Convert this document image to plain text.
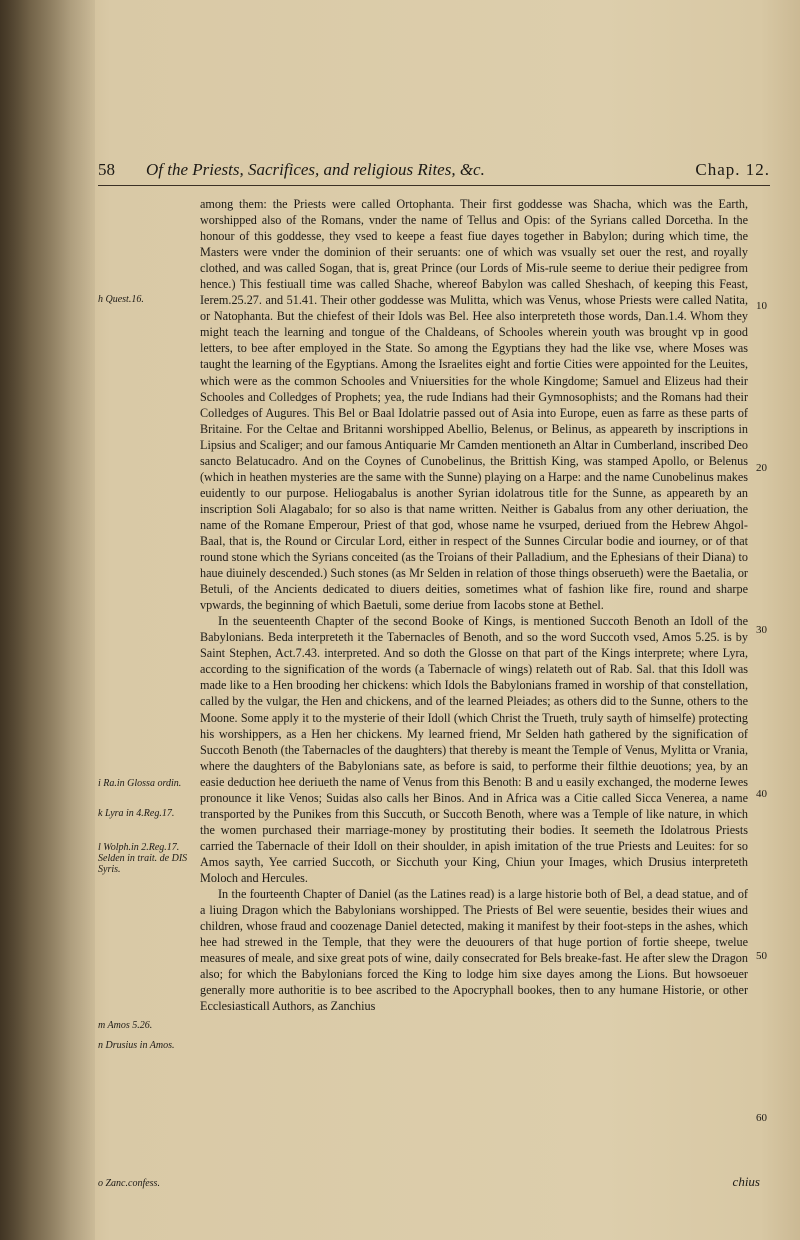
58 Of the Priests, Sacrifices, and religious Rites, &c.	Chap. 12.

among them: the Priests were called Ortophanta. Their first goddesse was Shacha, which was the Earth, worshipped also of the Romans, vnder the name of Tellus and Opis: of the Syrians called Dorcetha. In the honour of this goddesse, they vsed to keepe a feast fiue dayes together in Babylon; during which time, the Masters were vnder the dominion of their seruants: one of which was vsually set ouer the rest, and royally clothed, and was called Sogan, that is, great Prince (our Lords of Mis-rule seeme to deriue their pedigree from hence.) This festiuall time was called Shache, whereof Babylon was called Sheshach, of keeping this Feast, Ierem.25.27. and 51.41. Their other goddesse was Mulitta, which was Venus, whose Priests were called Natita, or Natophanta. But the chiefest of their Idols was Bel. Hee also interpreteth those words, Dan.1.4. Whom they might teach the learning and tongue of the Chaldeans, of Schooles wherein youth was brought vp in good letters, to bee after employed in the State. So among the Egyptians they had the like vse, where Moses was taught the learning of the Egyptians. Among the Israelites eight and fortie Cities were appointed for the Leuites, which were as the common Schooles and Vniuersities for the whole Kingdome; Samuel and Elizeus had their Schooles and Colledges of Prophets; yea, the rude Indians had their Gymnosophists; and the Romans had their Colledges of Augures. This Bel or Baal Idolatrie passed out of Asia into Europe, euen as farre as these parts of Britaine. For the Celtae and Britanni worshipped Abellio, Belenus, or Belinus, as appeareth by inscriptions in Lipsius and Scaliger; and our famous Antiquarie Mr Camden mentioneth an Altar in Cumberland, inscribed Deo sancto Belatucadro. And on the Coynes of Cunobelinus, the Brittish King, was stamped Apollo, or Belenus (which in heathen mysteries are the same with the Sunne) playing on a Harpe: and the name Cunobelinus makes euidently to our purpose. Heliogabalus is another Syrian idolatrous title for the Sunne, as appeareth by an inscription Soli Alagabalo; for so also is that name written. Neither is Gabalus from any other deriuation, the name of the Romane Emperour, Priest of that god, whose name he vsurped, deriued from the Hebrew Ahgol-Baal, that is, the Round or Circular Lord, either in respect of the Sunnes Circular bodie and iourney, or of that round stone which the Syrians conceited (as the Troians of their Palladium, and the Ephesians of their Diana) to haue diuinely descended.) Such stones (as Mr Selden in relation of those things obserueth) were the Baetalia, or Betuli, of the Ancients dedicated to diuers deities, sometimes what of fashion like fire, round and sharpe vpwards, the beginning of which Baetuli, some deriue from Iacobs stone at Bethel.

In the seuenteenth Chapter of the second Booke of Kings, is mentioned Succoth Benoth an Idoll of the Babylonians. Beda interpreteth it the Tabernacles of Benoth, and so the word Succoth vsed, Amos 5.25. is by Saint Stephen, Act.7.43. interpreted. And so doth the Glosse on that part of the Kings interprete; where Lyra, according to the signification of the words (a Tabernacle of wings) relateth out of Rab. Sal. that this Idoll was made like to a Hen brooding her chickens: which Idols the Babylonians framed in worship of that constellation, called by the vulgar, the Hen and chickens, and of the learned Pleiades; as others did to the Sunne, others to the Moone. Some apply it to the mysterie of their Idoll (which Christ the Trueth, truly sayth of himselfe) protecting his worshippers, as a Hen her chickens. My learned friend, Mr Selden hath gathered by the signification of Succoth Benoth (the Tabernacles of the daughters) that thereby is meant the Temple of Venus, Mylitta or Vrania, where the daughters of the Babylonians sate, as before is said, to performe their filthie deuotions; yea, by an easie deduction hee deriueth the name of Venus from this Benoth: B and u easily exchanged, the moderne Iewes pronounce it like Venos; Suidas also calls her Binos. And in Africa was a Citie called Sicca Venerea, a name transported by the Punikes from this Succuth, or Succoth Benoth, where was a Temple of like nature, in which the women purchased their marriage-money by prostituting their bodies. It seemeth the Idolatrous Priests carried the Tabernacle of their Idoll on their shoulder, in apish imitation of the true Priests and Leuites: for so Amos sayth, Yee carried Succoth, or Sicchuth your King, Chiun your Images, which Drusius interpreteth Moloch and Hercules.

In the fourteenth Chapter of Daniel (as the Latines read) is a large historie both of Bel, a dead statue, and of a liuing Dragon which the Babylonians worshipped. The Priests of Bel were seuentie, besides their wiues and children, whose fraud and coozenage Daniel detected, making it manifest by their foot-steps in the ashes, which hee had strewed in the Temple, that they were the deuourers of that huge portion of fortie sheepe, twelue measures of meale, and sixe great pots of wine, daily consecrated for Bels breake-fast. He after slew the Dragon also; for which the Babylonians forced the King to lodge him sixe dayes among the Lions. But howsoeuer generally more authoritie is to bee ascribed to the Apocryphall bookes, then to any humane Historie, or other Ecclesiasticall Authors, as Zanchius

h Quest.16.
i Ra.in Glossa ordin.
k Lyra in 4.Reg.17.
l Wolph.in 2.Reg.17. Selden in trait. de DIS Syris.
m Amos 5.26.
n Drusius in Amos.
o Zanc.confess.
10
20
30
40
50
60
chius
